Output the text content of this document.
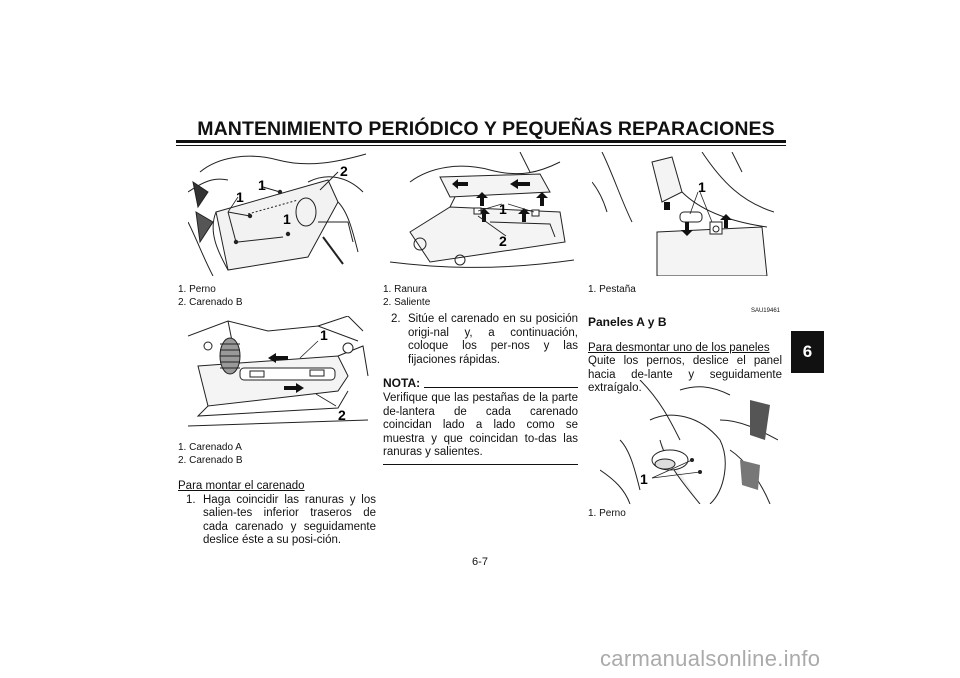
MANTENIMIENTO PERIÓDICO Y PEQUEÑAS REPARACIONES
1
1
1
2
1. Perno
2. Carenado B
1
2
1. Carenado A
2. Carenado B
Para montar el carenado
1. Haga coincidir las ranuras y los salien-tes inferior traseros de cada carenado y seguidamente deslice éste a su posi-ción.
1
2
1. Ranura
2. Saliente
2. Sitúe el carenado en su posición origi-nal y, a continuación, coloque los per-nos y las fijaciones rápidas.
NOTA:
Verifique que las pestañas de la parte de-lantera de cada carenado coincidan lado a lado como se muestra y que coincidan to-das las ranuras y salientes.
1
1. Pestaña
SAU19461
Paneles A y B
Para desmontar uno de los paneles
Quite los pernos, deslice el panel hacia de-lante y seguidamente extraígalo.
1
1. Perno
6
6-7
carmanualsonline.info
